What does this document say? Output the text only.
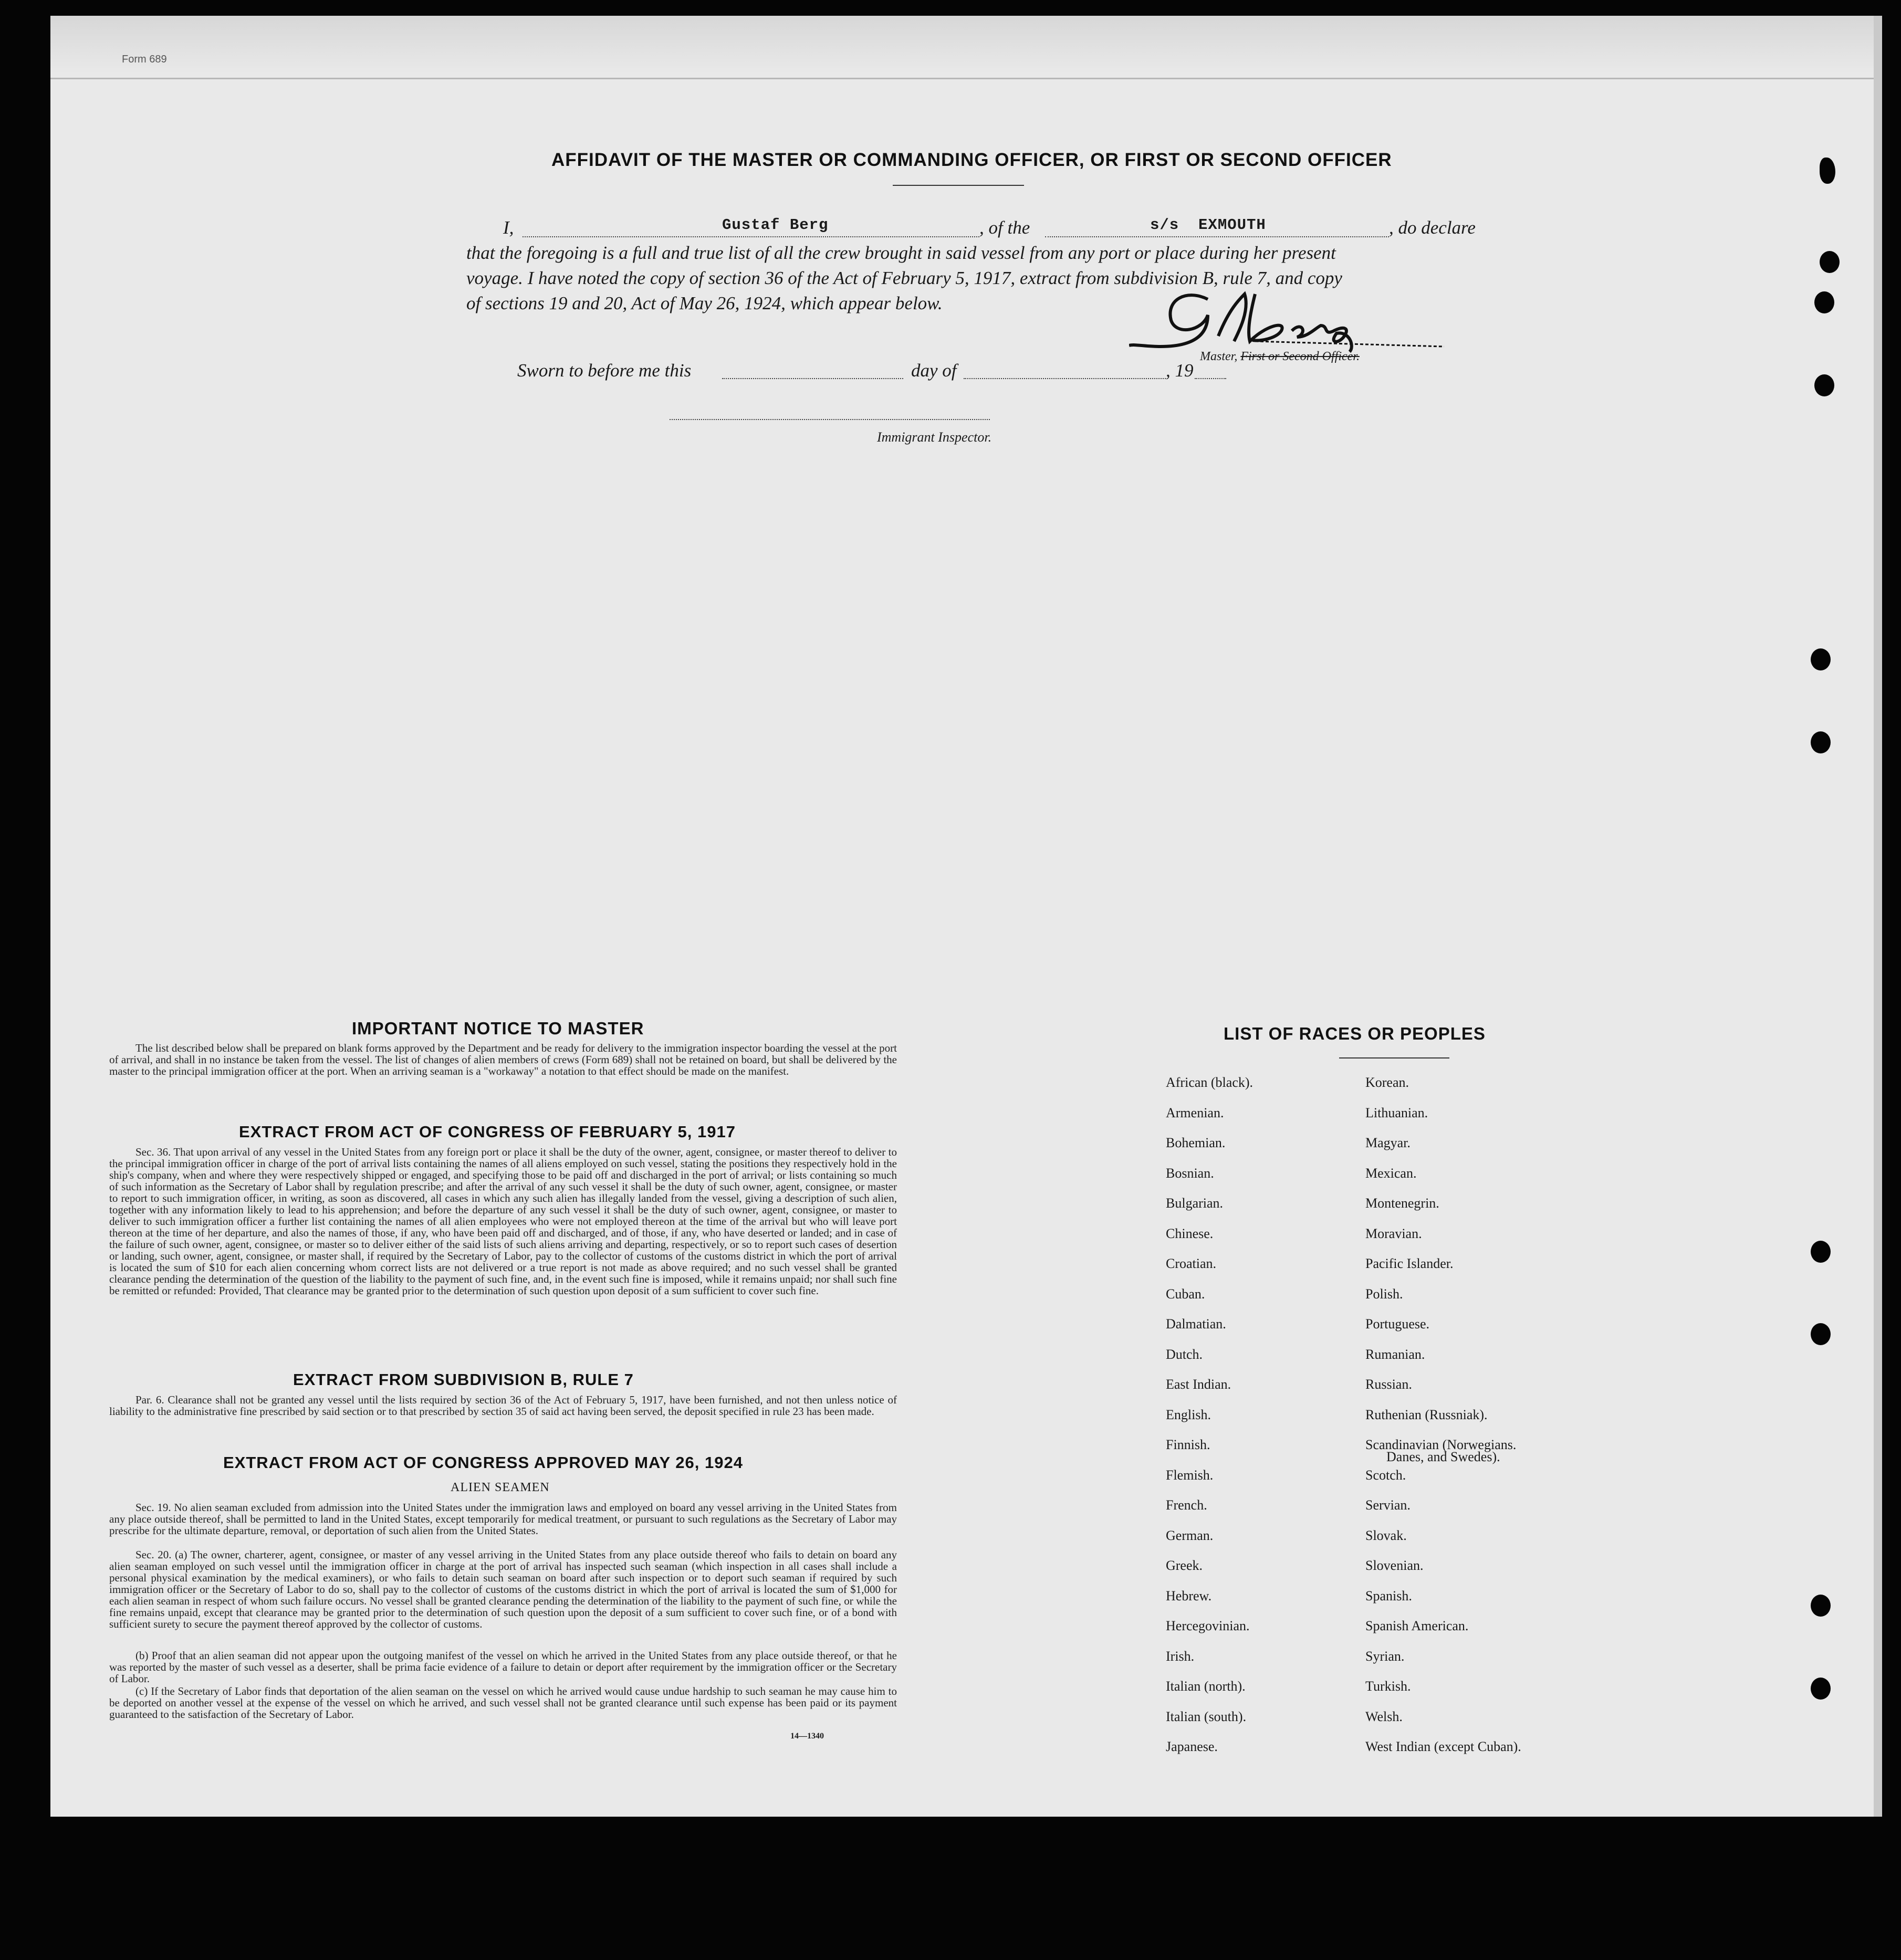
Form 689
AFFIDAVIT OF THE MASTER OR COMMANDING OFFICER, OR FIRST OR SECOND OFFICER
I,	Gustaf Berg	, of the	s/s  EXMOUTH	, do declare
that the foregoing is a full and true list of all the crew brought in said vessel from any port or place during her present
voyage. I have noted the copy of section 36 of the Act of February 5, 1917, extract from subdivision B, rule 7, and copy
of sections 19 and 20, Act of May 26, 1924, which appear below.
Master, First or Second Officer.
Sworn to before me this	day of	, 19
Immigrant Inspector.
IMPORTANT NOTICE TO MASTER
The list described below shall be prepared on blank forms approved by the Department and be ready for delivery to the immigration inspector boarding the vessel at the port of arrival, and shall in no instance be taken from the vessel. The list of changes of alien members of crews (Form 689) shall not be retained on board, but shall be delivered by the master to the principal immigration officer at the port. When an arriving seaman is a "workaway" a notation to that effect should be made on the manifest.
EXTRACT FROM ACT OF CONGRESS OF FEBRUARY 5, 1917
Sec. 36. That upon arrival of any vessel in the United States from any foreign port or place it shall be the duty of the owner, agent, consignee, or master thereof to deliver to the principal immigration officer in charge of the port of arrival lists containing the names of all aliens employed on such vessel, stating the positions they respectively hold in the ship's company, when and where they were respectively shipped or engaged, and specifying those to be paid off and discharged in the port of arrival; or lists containing so much of such information as the Secretary of Labor shall by regulation prescribe; and after the arrival of any such vessel it shall be the duty of such owner, agent, consignee, or master to report to such immigration officer, in writing, as soon as discovered, all cases in which any such alien has illegally landed from the vessel, giving a description of such alien, together with any information likely to lead to his apprehension; and before the departure of any such vessel it shall be the duty of such owner, agent, consignee, or master to deliver to such immigration officer a further list containing the names of all alien employees who were not employed thereon at the time of the arrival but who will leave port thereon at the time of her departure, and also the names of those, if any, who have been paid off and discharged, and of those, if any, who have deserted or landed; and in case of the failure of such owner, agent, consignee, or master so to deliver either of the said lists of such aliens arriving and departing, respectively, or so to report such cases of desertion or landing, such owner, agent, consignee, or master shall, if required by the Secretary of Labor, pay to the collector of customs of the customs district in which the port of arrival is located the sum of $10 for each alien concerning whom correct lists are not delivered or a true report is not made as above required; and no such vessel shall be granted clearance pending the determination of the question of the liability to the payment of such fine, and, in the event such fine is imposed, while it remains unpaid; nor shall such fine be remitted or refunded: Provided, That clearance may be granted prior to the determination of such question upon deposit of a sum sufficient to cover such fine.
EXTRACT FROM SUBDIVISION B, RULE 7
Par. 6. Clearance shall not be granted any vessel until the lists required by section 36 of the Act of February 5, 1917, have been furnished, and not then unless notice of liability to the administrative fine prescribed by said section or to that prescribed by section 35 of said act having been served, the deposit specified in rule 23 has been made.
EXTRACT FROM ACT OF CONGRESS APPROVED MAY 26, 1924
ALIEN SEAMEN
Sec. 19. No alien seaman excluded from admission into the United States under the immigration laws and employed on board any vessel arriving in the United States from any place outside thereof, shall be permitted to land in the United States, except temporarily for medical treatment, or pursuant to such regulations as the Secretary of Labor may prescribe for the ultimate departure, removal, or deportation of such alien from the United States.
Sec. 20. (a) The owner, charterer, agent, consignee, or master of any vessel arriving in the United States from any place outside thereof who fails to detain on board any alien seaman employed on such vessel until the immigration officer in charge at the port of arrival has inspected such seaman (which inspection in all cases shall include a personal physical examination by the medical examiners), or who fails to detain such seaman on board after such inspection or to deport such seaman if required by such immigration officer or the Secretary of Labor to do so, shall pay to the collector of customs of the customs district in which the port of arrival is located the sum of $1,000 for each alien seaman in respect of whom such failure occurs. No vessel shall be granted clearance pending the determination of the liability to the payment of such fine, or while the fine remains unpaid, except that clearance may be granted prior to the determination of such question upon the deposit of a sum sufficient to cover such fine, or of a bond with sufficient surety to secure the payment thereof approved by the collector of customs.
(b) Proof that an alien seaman did not appear upon the outgoing manifest of the vessel on which he arrived in the United States from any place outside thereof, or that he was reported by the master of such vessel as a deserter, shall be prima facie evidence of a failure to detain or deport after requirement by the immigration officer or the Secretary of Labor.
(c) If the Secretary of Labor finds that deportation of the alien seaman on the vessel on which he arrived would cause undue hardship to such seaman he may cause him to be deported on another vessel at the expense of the vessel on which he arrived, and such vessel shall not be granted clearance until such expense has been paid or its payment guaranteed to the satisfaction of the Secretary of Labor.
14—1340
LIST OF RACES OR PEOPLES
African (black).
Armenian.
Bohemian.
Bosnian.
Bulgarian.
Chinese.
Croatian.
Cuban.
Dalmatian.
Dutch.
East Indian.
English.
Finnish.
Flemish.
French.
German.
Greek.
Hebrew.
Hercegovinian.
Irish.
Italian (north).
Italian (south).
Japanese.
Korean.
Lithuanian.
Magyar.
Mexican.
Montenegrin.
Moravian.
Pacific Islander.
Polish.
Portuguese.
Rumanian.
Russian.
Ruthenian (Russniak).
Scandinavian (Norwegians.
Scotch.
Servian.
Slovak.
Slovenian.
Spanish.
Spanish American.
Syrian.
Turkish.
Welsh.
West Indian (except Cuban).
Danes, and Swedes).
